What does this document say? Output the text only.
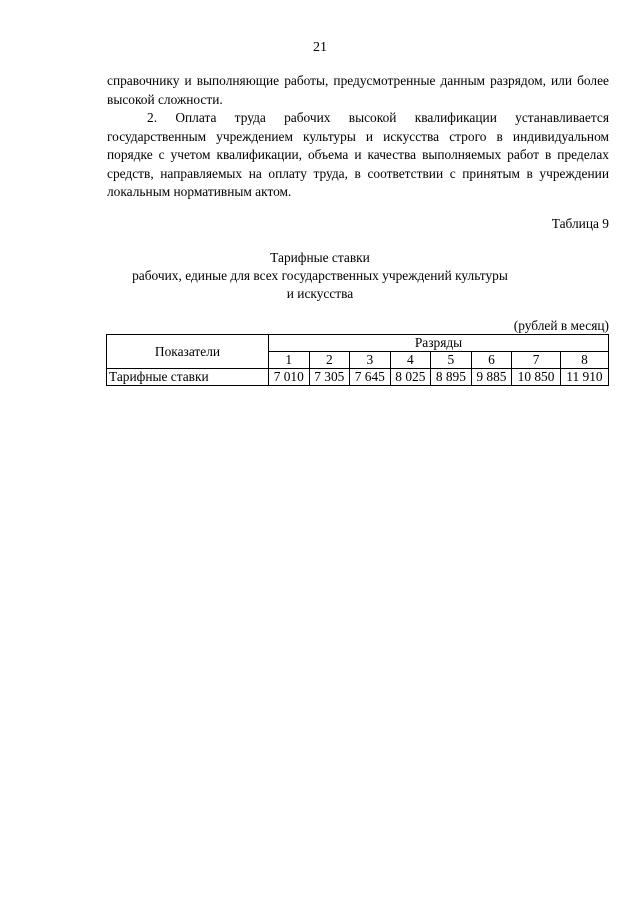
21
справочнику и выполняющие работы, предусмотренные данным разрядом, или более высокой сложности.
2. Оплата труда рабочих высокой квалификации устанавливается государственным учреждением культуры и искусства строго в индивидуальном порядке с учетом квалификации, объема и качества выполняемых работ в пределах средств, направляемых на оплату труда, в соответствии с принятым в учреждении локальным нормативным актом.
Таблица 9
Тарифные ставки
рабочих, единые для всех государственных учреждений культуры
и искусства
(рублей в месяц)
Показатели	Разряды							
	1	2	3	4	5	6	7	8
Тарифные ставки	7 010	7 305	7 645	8 025	8 895	9 885	10 850	11 910
